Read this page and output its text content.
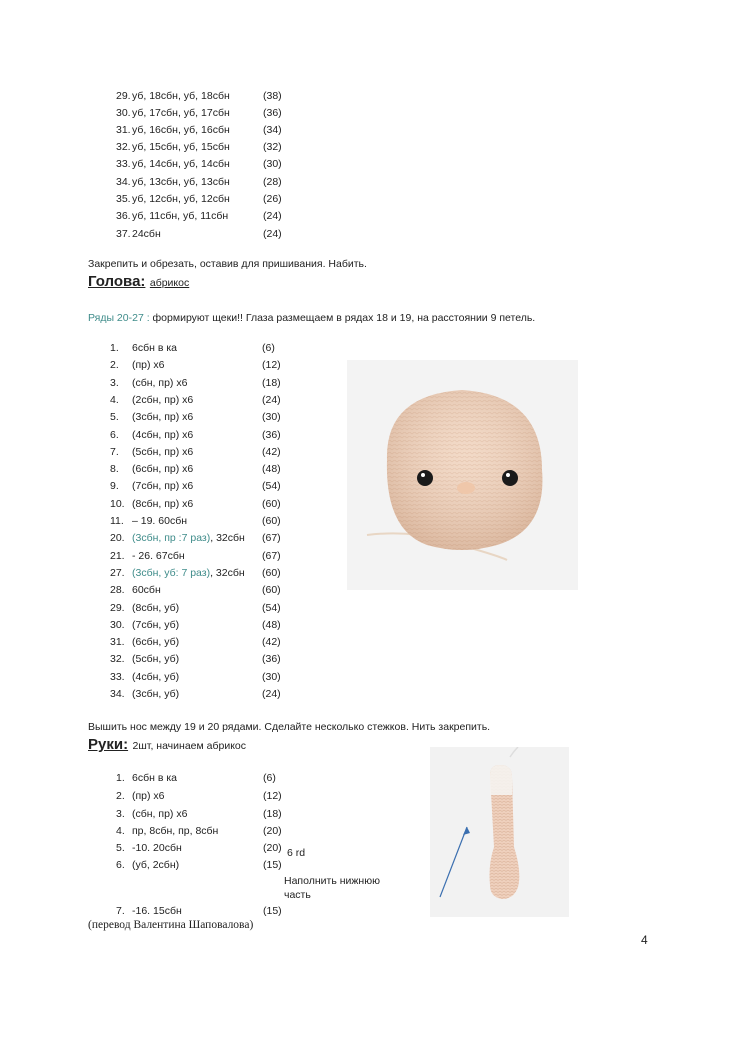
29. уб, 18сбн, уб, 18сбн	(38)
30. уб, 17сбн, уб, 17сбн	(36)
31. уб, 16сбн, уб, 16сбн	(34)
32. уб, 15сбн, уб, 15сбн	(32)
33. уб, 14сбн, уб, 14сбн	(30)
34. уб, 13сбн, уб, 13сбн	(28)
35. уб, 12сбн, уб, 12сбн	(26)
36. уб, 11сбн, уб, 11сбн	(24)
37. 24сбн	(24)
Закрепить и обрезать, оставив для пришивания. Набить.
Голова: абрикос
Ряды 20-27 : формируют щеки!! Глаза размещаем в рядах 18 и 19, на расстоянии 9 петель.
1. 6сбн в ка	(6)
2. (пр) х6	(12)
3. (сбн, пр) х6	(18)
4. (2сбн, пр) х6	(24)
5. (3сбн, пр) х6	(30)
6. (4сбн, пр) х6	(36)
7. (5сбн, пр) х6	(42)
8. (6сбн, пр) х6	(48)
9. (7сбн, пр) х6	(54)
10. (8сбн, пр) х6	(60)
11. – 19. 60сбн	(60)
20. (3сбн, пр :7 раз), 32сбн (67)
21. - 26. 67сбн	(67)
27. (3сбн, уб: 7 раз), 32сбн (60)
28. 60сбн	(60)
29. (8сбн, уб)	(54)
30. (7сбн, уб)	(48)
31. (6сбн, уб)	(42)
32. (5сбн, уб)	(36)
33. (4сбн, уб)	(30)
34. (3сбн, уб)	(24)
Вышить нос между 19 и 20 рядами. Сделайте несколько стежков. Нить закрепить.
Руки: 2шт, начинаем абрикос
1. 6сбн в ка	(6)
2. (пр) х6	(12)
3. (сбн, пр) х6	(18)
4. пр, 8сбн, пр, 8сбн	(20)
5. -10. 20сбн	(20)
6. (уб, 2сбн)	(15)
6 rd
Наполнить нижнюю
часть
7. -16. 15сбн	(15)
(перевод Валентина Шаповалова)
4
